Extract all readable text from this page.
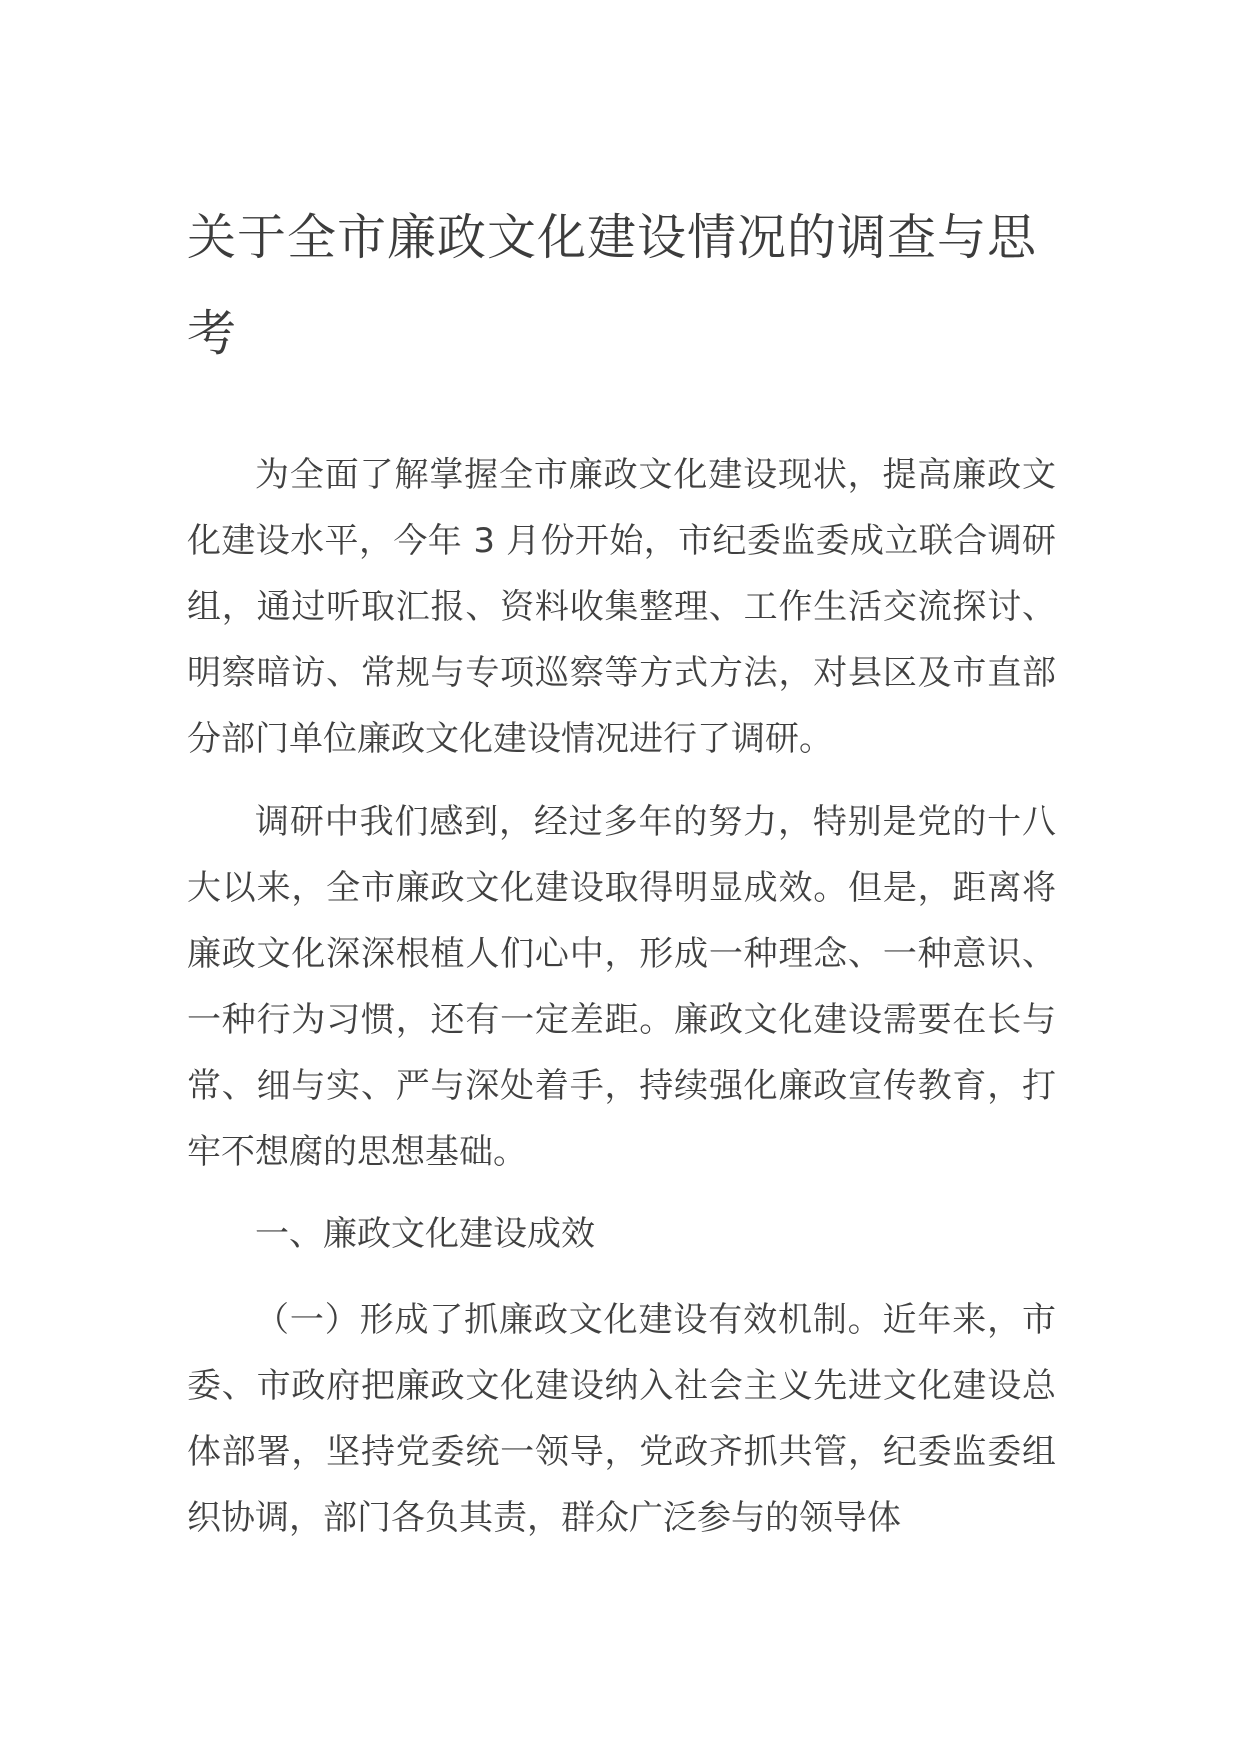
关于全市廉政文化建设情况的调查与思考

为全面了解掌握全市廉政文化建设现状，提高廉政文化建设水平，今年 3 月份开始，市纪委监委成立联合调研组，通过听取汇报、资料收集整理、工作生活交流探讨、明察暗访、常规与专项巡察等方式方法，对县区及市直部分部门单位廉政文化建设情况进行了调研。

调研中我们感到，经过多年的努力，特别是党的十八大以来，全市廉政文化建设取得明显成效。但是，距离将廉政文化深深根植人们心中，形成一种理念、一种意识、一种行为习惯，还有一定差距。廉政文化建设需要在长与常、细与实、严与深处着手，持续强化廉政宣传教育，打牢不想腐的思想基础。

一、廉政文化建设成效

（一）形成了抓廉政文化建设有效机制。近年来，市委、市政府把廉政文化建设纳入社会主义先进文化建设总体部署，坚持党委统一领导，党政齐抓共管，纪委监委组织协调，部门各负其责，群众广泛参与的领导体
